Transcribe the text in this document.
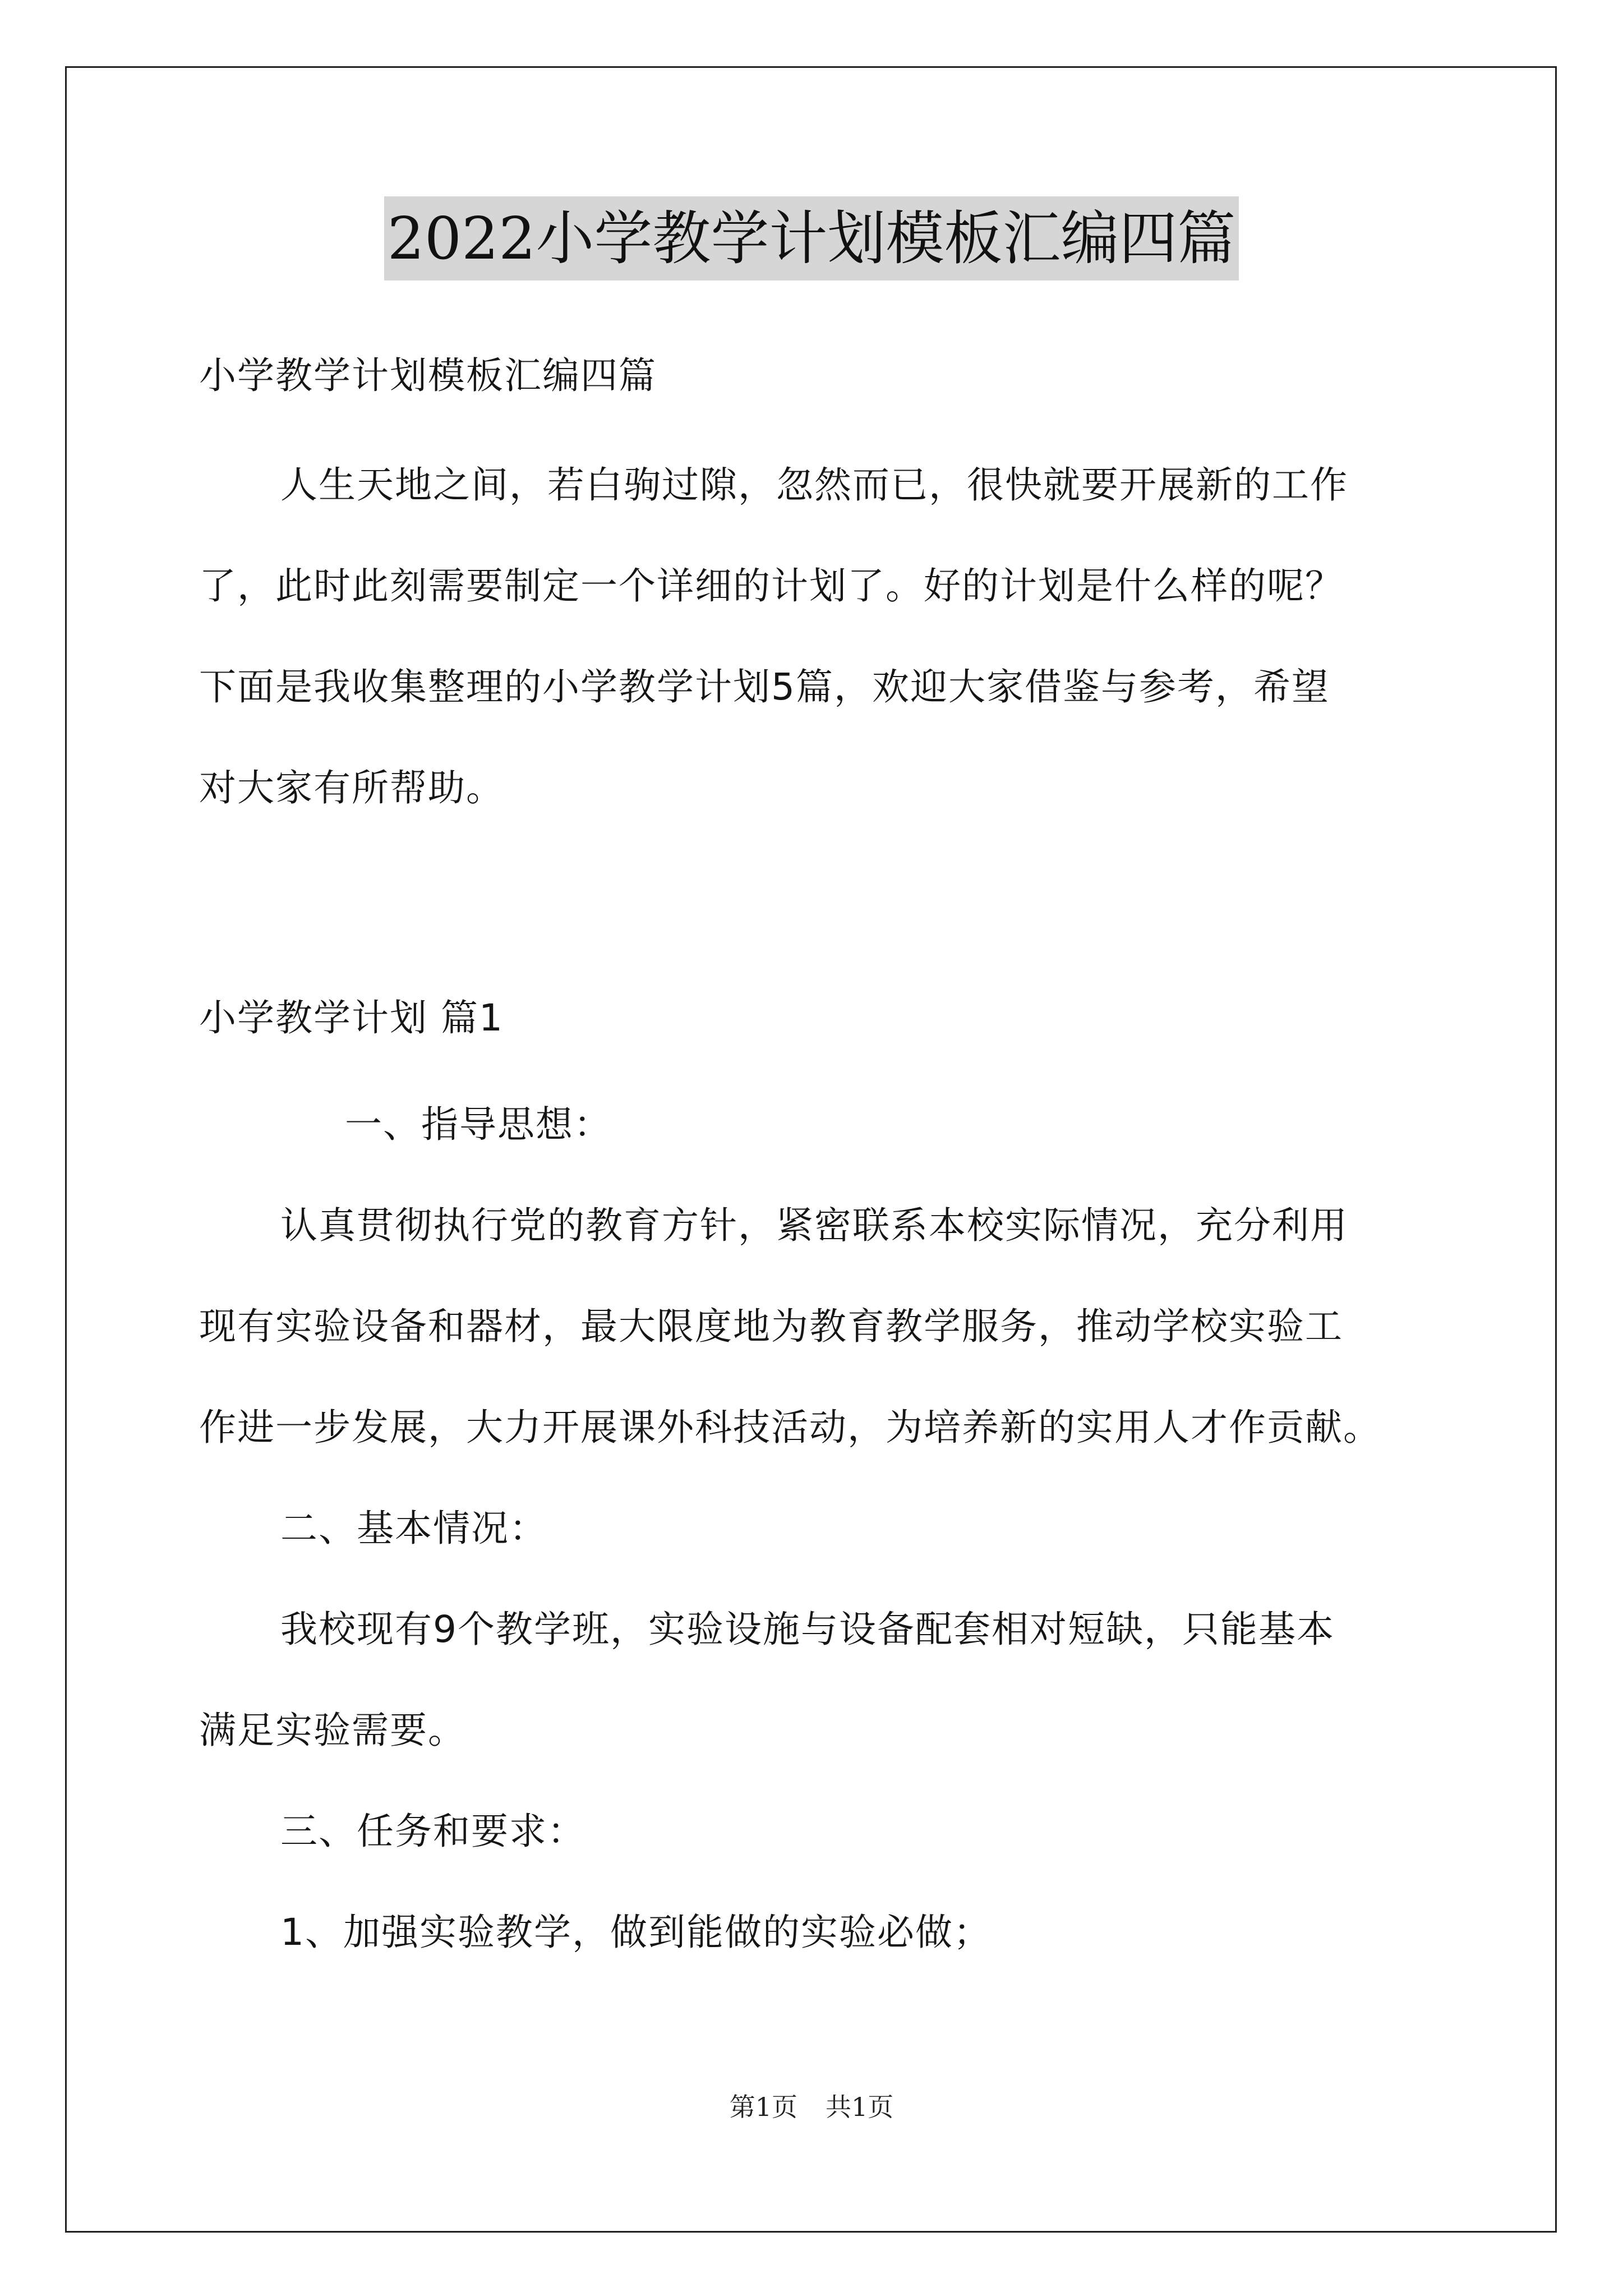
2022小学教学计划模板汇编四篇
小学教学计划模板汇编四篇
人生天地之间，若白驹过隙，忽然而已，很快就要开展新的工作
了，此时此刻需要制定一个详细的计划了。好的计划是什么样的呢？
下面是我收集整理的小学教学计划5篇，欢迎大家借鉴与参考，希望
对大家有所帮助。
小学教学计划 篇1
一、指导思想：
认真贯彻执行党的教育方针，紧密联系本校实际情况，充分利用
现有实验设备和器材，最大限度地为教育教学服务，推动学校实验工
作进一步发展，大力开展课外科技活动，为培养新的实用人才作贡献。
二、基本情况：
我校现有9个教学班，实验设施与设备配套相对短缺，只能基本
满足实验需要。
三、任务和要求：
1、加强实验教学，做到能做的实验必做；
第1页 共1页
